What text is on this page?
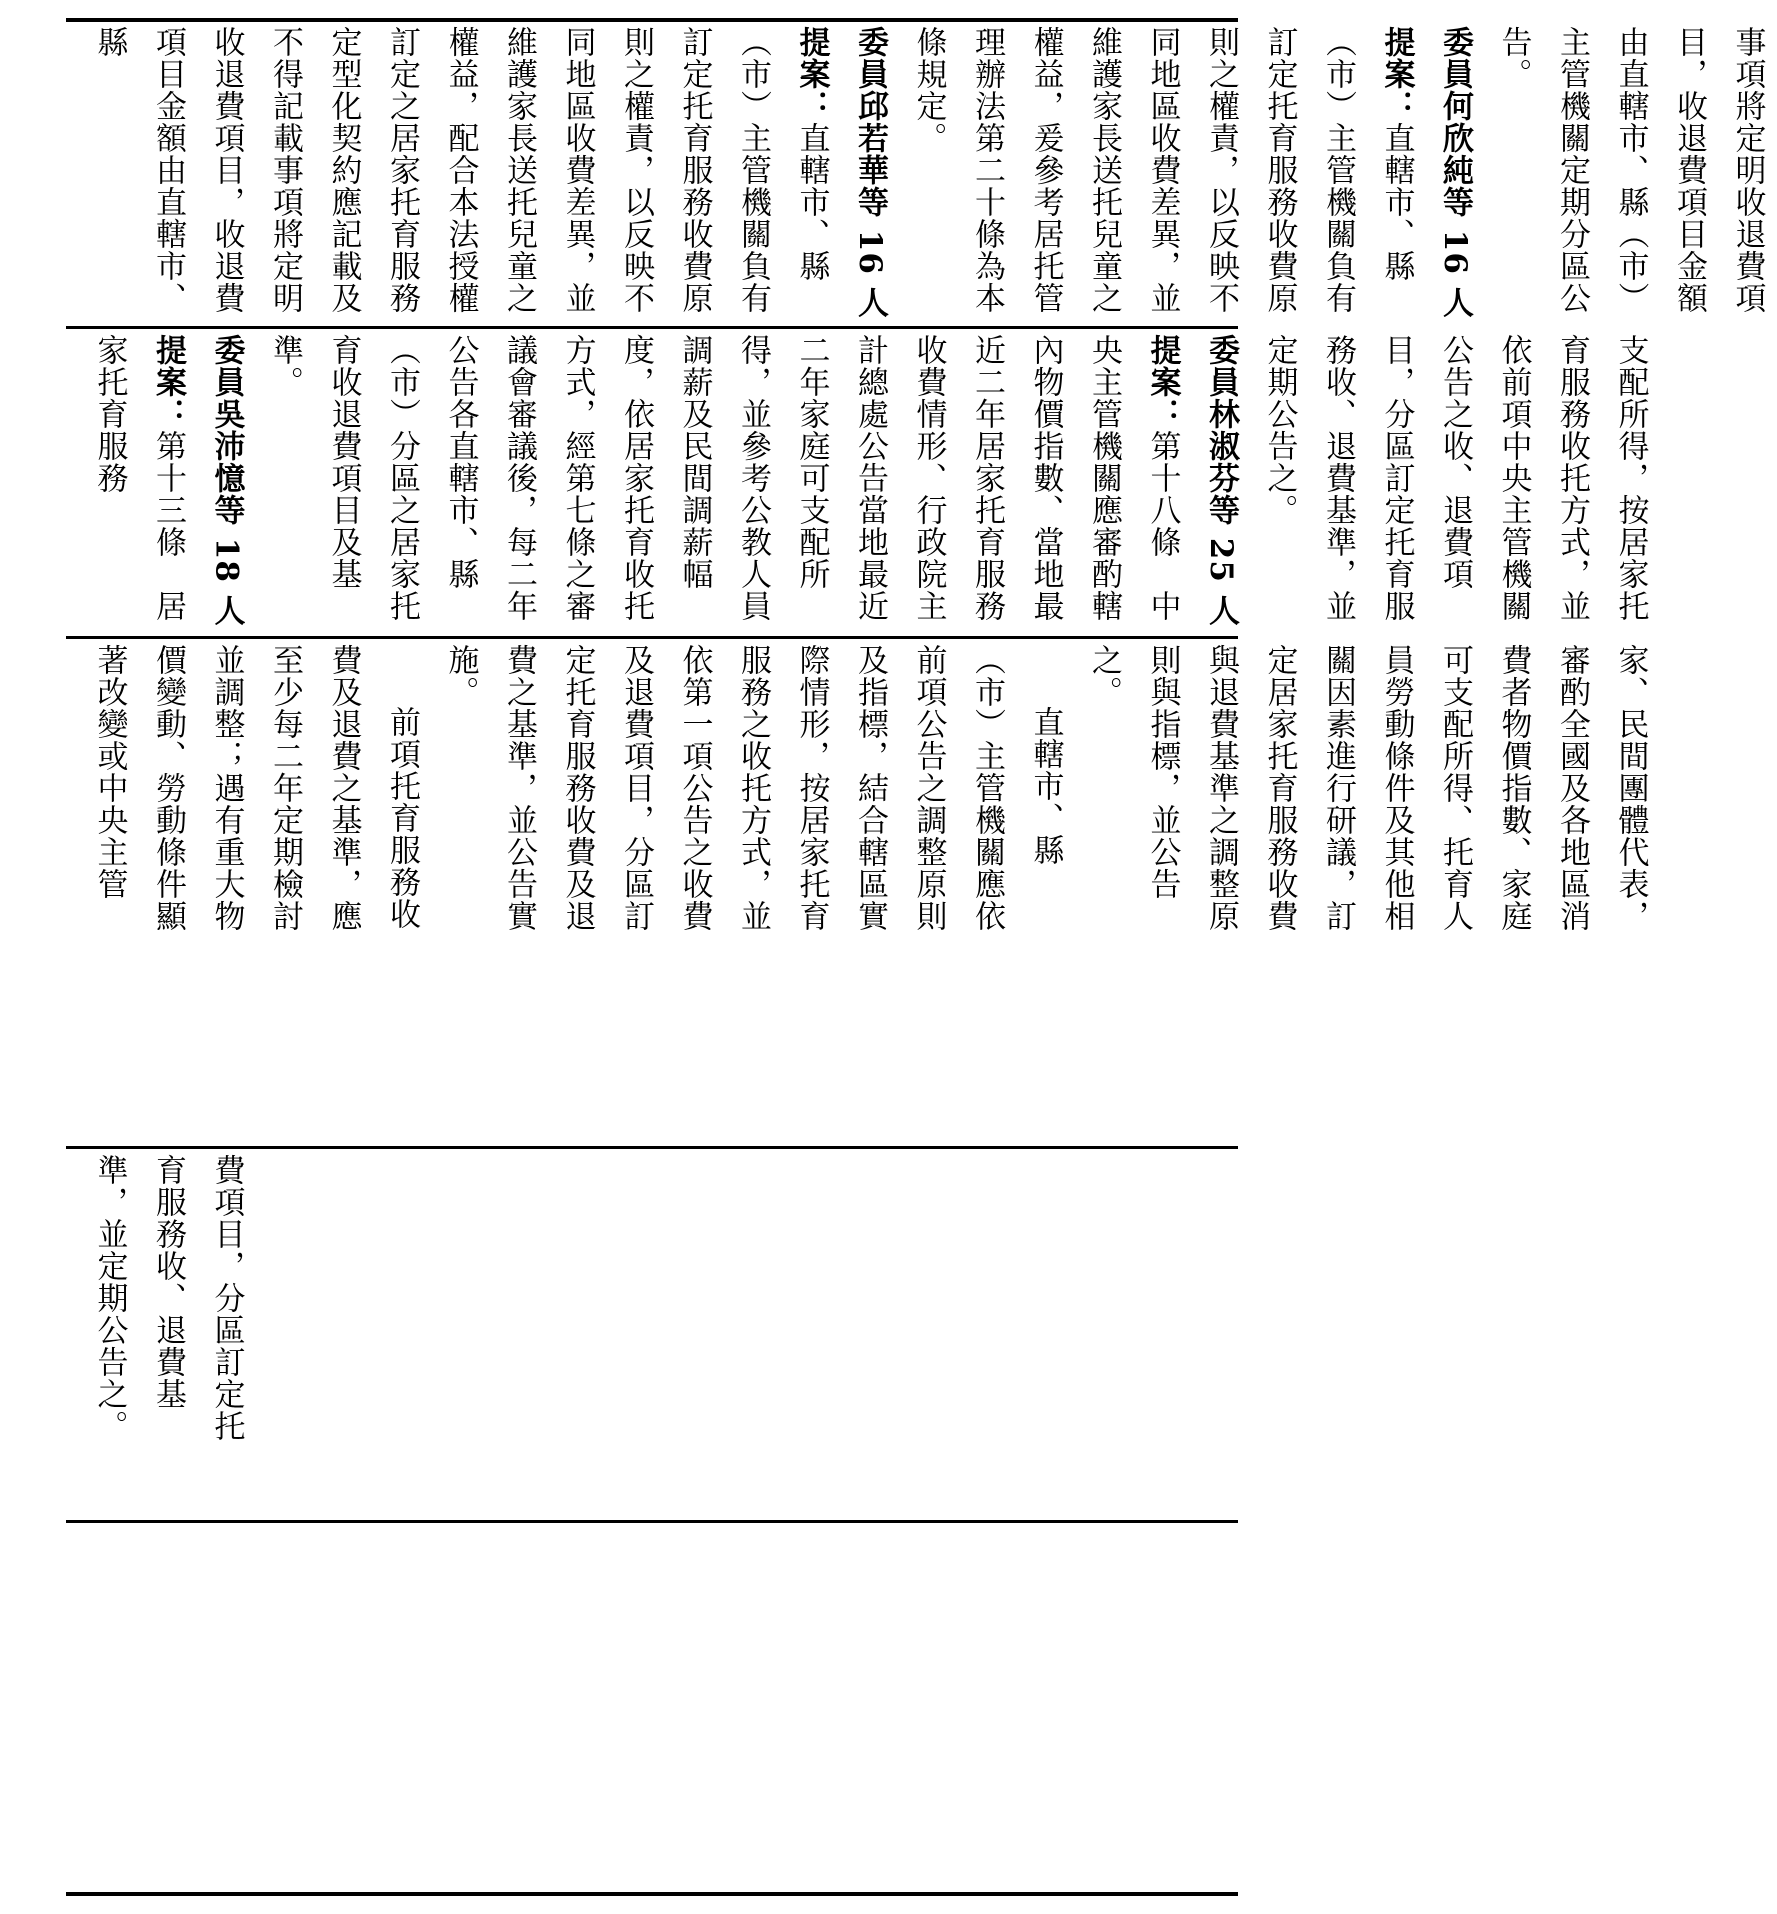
事項將定明收退費項目，收退費項目金額由直轄市、縣（市）主管機關定期分區公告。
委員何欣純等 16 人提案：直轄市、縣（市）主管機關負有訂定托育服務收費原則之權責，以反映不同地區收費差異，並維護家長送托兒童之權益，爰參考居托管理辦法第二十條為本條規定。
委員邱若華等 16 人提案：直轄市、縣（市）主管機關負有訂定托育服務收費原則之權責，以反映不同地區收費差異，並維護家長送托兒童之權益，配合本法授權訂定之居家托育服務定型化契約應記載及不得記載事項將定明收退費項目，收退費項目金額由直轄市、縣
支配所得，按居家托育服務收托方式，並依前項中央主管機關公告之收、退費項目，分區訂定托育服務收、退費基準，並定期公告之。
委員林淑芬等 25 人提案：第十八條　中央主管機關應審酌轄內物價指數、當地最近二年居家托育服務收費情形、行政院主計總處公告當地最近二年家庭可支配所得，並參考公教人員調薪及民間調薪幅度，依居家托育收托方式，經第七條之審議會審議後，每二年公告各直轄市、縣（市）分區之居家托育收退費項目及基準。
委員吳沛憶等 18 人提案：第十三條　居家托育服務
家、民間團體代表，審酌全國及各地區消費者物價指數、家庭可支配所得、托育人員勞動條件及其他相關因素進行研議，訂定居家托育服務收費與退費基準之調整原則與指標，並公告之。
直轄市、縣（市）主管機關應依前項公告之調整原則及指標，結合轄區實際情形，按居家托育服務之收托方式，並依第一項公告之收費及退費項目，分區訂定托育服務收費及退費之基準，並公告實施。
前項托育服務收費及退費之基準，應至少每二年定期檢討並調整；遇有重大物價變動、勞動條件顯著改變或中央主管
費項目，分區訂定托育服務收、退費基準，並定期公告之。
